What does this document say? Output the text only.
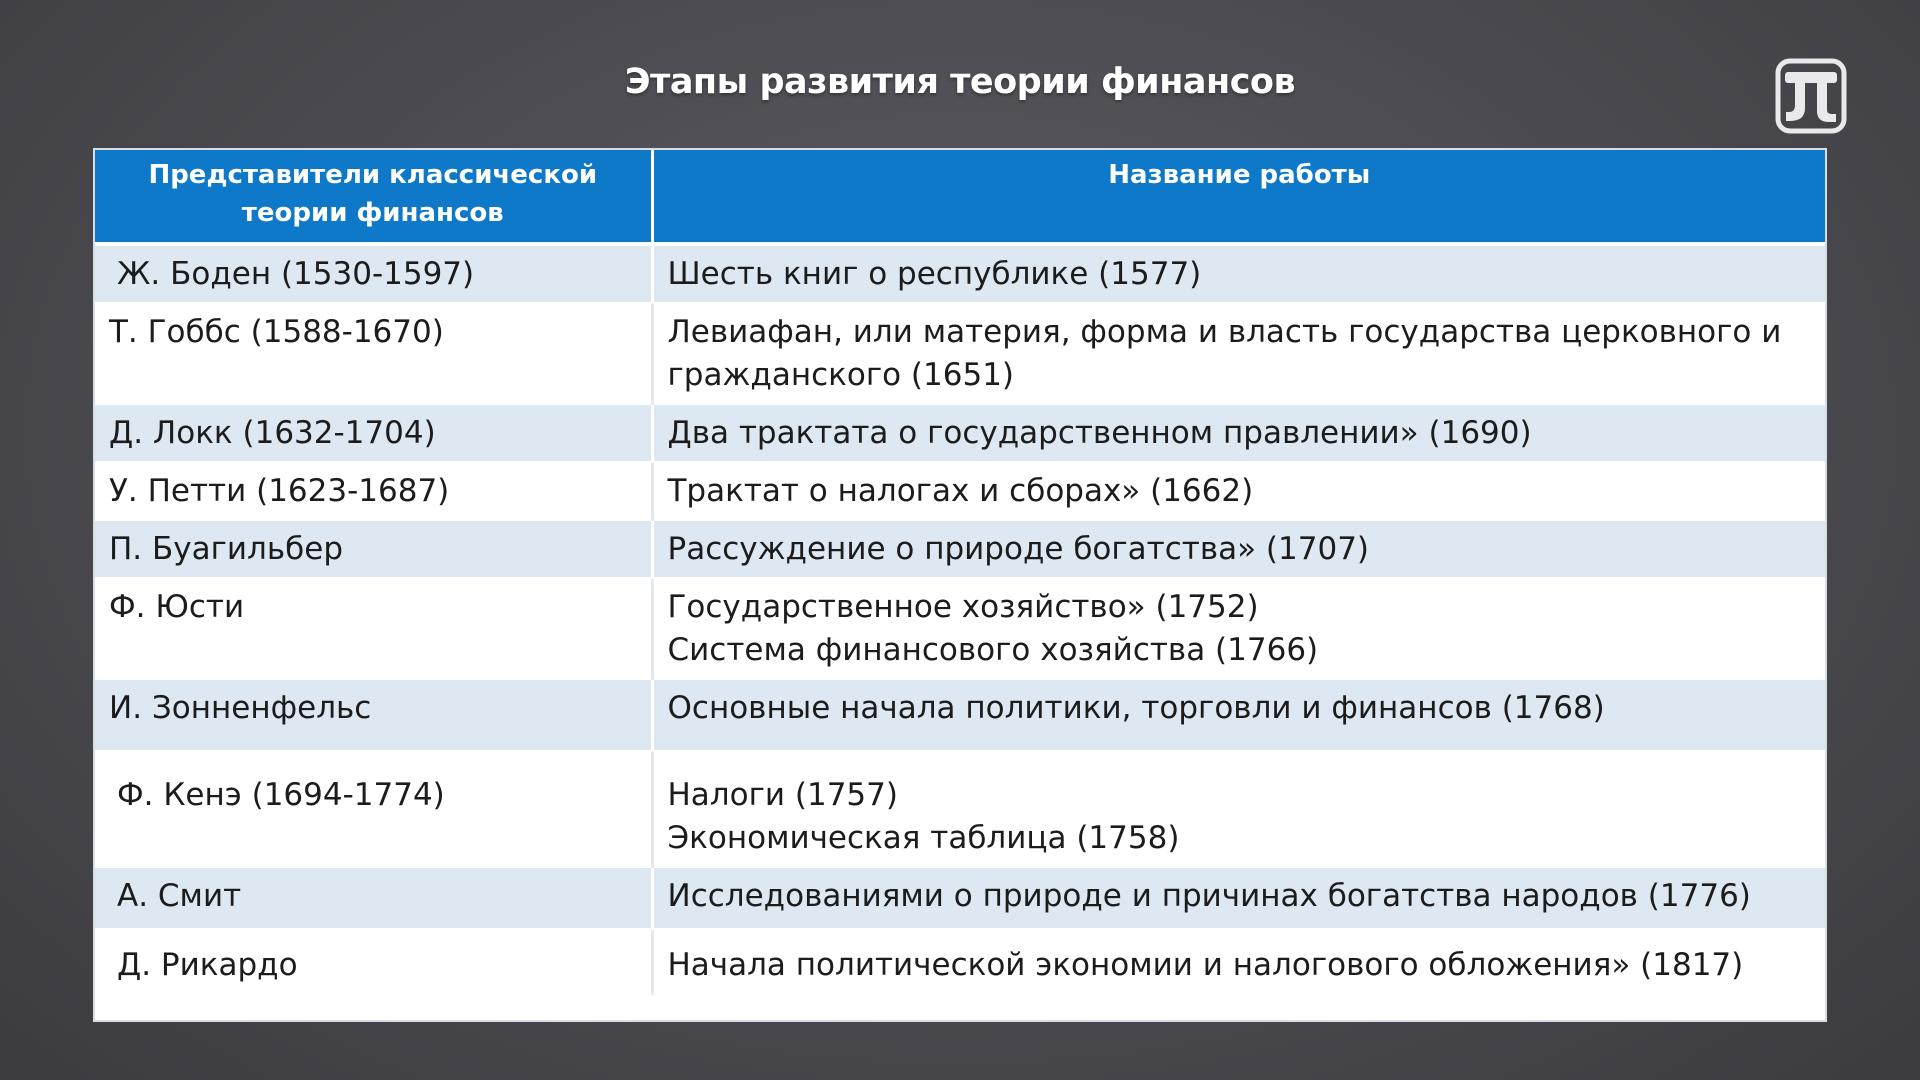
Этапы развития теории финансов
Представители классической теории финансов	Название работы
Ж. Боден (1530-1597)	Шесть книг о республике (1577)

Т. Гоббс (1588-1670)	Левиафан, или материя, форма и власть государства церковного и
гражданского (1651)

Д. Локк (1632-1704)	Два трактата о государственном правлении» (1690)

У. Петти (1623-1687)	Трактат о налогах и сборах» (1662)

П. Буагильбер	Рассуждение о природе богатства» (1707)

Ф. Юсти	Государственное хозяйство» (1752)
Система финансового хозяйства (1766)

И. Зонненфельс	Основные начала политики, торговли и финансов (1768)

Ф. Кенэ (1694-1774)	Налоги (1757)
Экономическая таблица (1758)

А. Смит	Исследованиями о природе и причинах богатства народов (1776)

Д. Рикардо	Начала политической экономии и налогового обложения» (1817)
